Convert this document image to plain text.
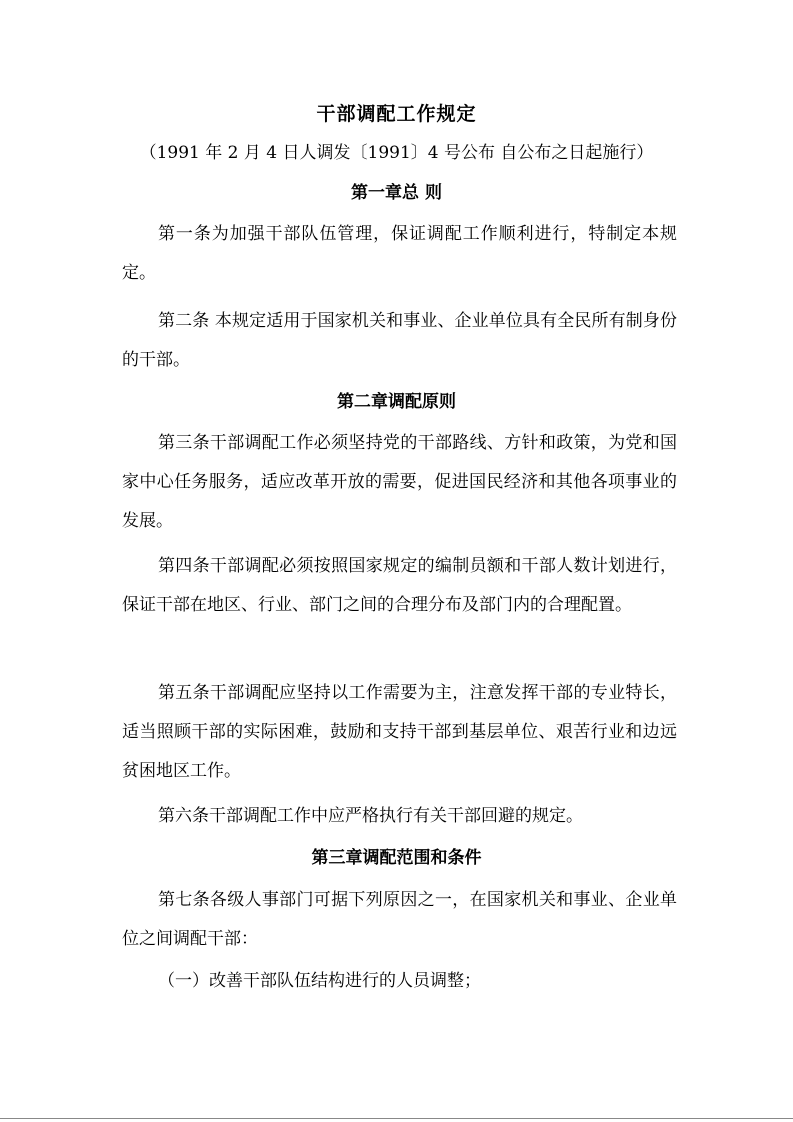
干部调配工作规定
（1991 年 2 月 4 日人调发〔1991〕4 号公布 自公布之日起施行）
第一章总 则
第一条为加强干部队伍管理，保证调配工作顺利进行，特制定本规定。
第二条 本规定适用于国家机关和事业、企业单位具有全民所有制身份的干部。
第二章调配原则
第三条干部调配工作必须坚持党的干部路线、方针和政策，为党和国家中心任务服务，适应改革开放的需要，促进国民经济和其他各项事业的发展。
第四条干部调配必须按照国家规定的编制员额和干部人数计划进行，保证干部在地区、行业、部门之间的合理分布及部门内的合理配置。
第五条干部调配应坚持以工作需要为主，注意发挥干部的专业特长，适当照顾干部的实际困难，鼓励和支持干部到基层单位、艰苦行业和边远贫困地区工作。
第六条干部调配工作中应严格执行有关干部回避的规定。
第三章调配范围和条件
第七条各级人事部门可据下列原因之一，在国家机关和事业、企业单位之间调配干部：
（一）改善干部队伍结构进行的人员调整；
